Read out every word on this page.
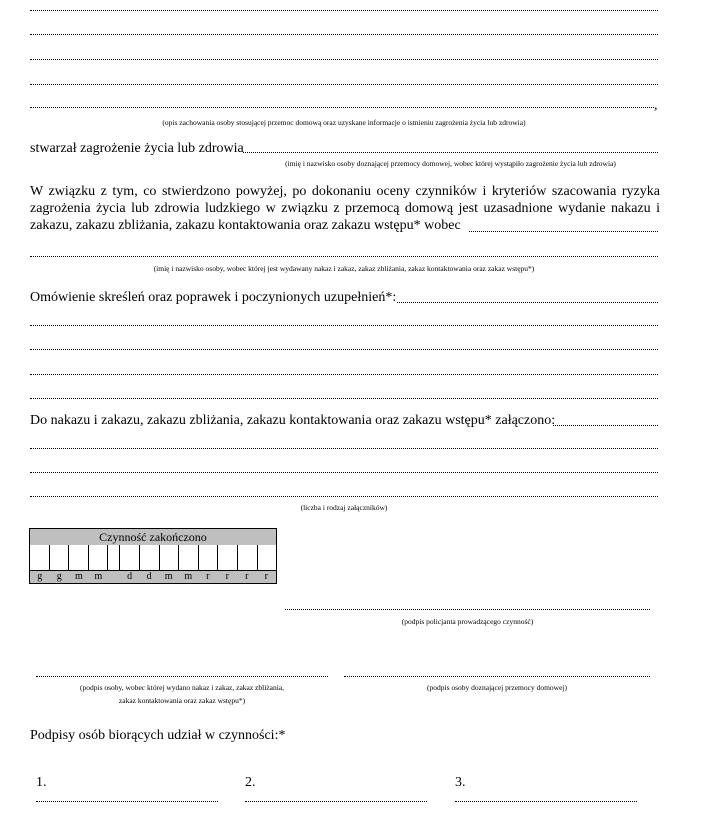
,
(opis zachowania osoby stosującej przemoc domową oraz uzyskane informacje o istnieniu zagrożenia życia lub zdrowia)
stwarzał zagrożenie życia lub zdrowia
(imię i nazwisko osoby doznającej przemocy domowej, wobec której wystąpiło zagrożenie życia lub zdrowia)
W związku z tym, co stwierdzono powyżej, po dokonaniu oceny czynników i kryteriów szacowania ryzyka zagrożenia życia lub zdrowia ludzkiego w związku z przemocą domową jest uzasadnione wydanie nakazu i zakazu, zakazu zbliżania, zakazu kontaktowania oraz zakazu wstępu* wobec
(imię i nazwisko osoby, wobec której jest wydawany nakaz i zakaz, zakaz zbliżania, zakaz kontaktowania oraz zakaz wstępu*)
Omówienie skreśleń oraz poprawek i poczynionych uzupełnień*:
Do nakazu i zakazu, zakazu zbliżania, zakazu kontaktowania oraz zakazu wstępu* załączono:
(liczba i rodzaj załączników)
Czynność zakończono
g	g	m	m	d	d	m	m	r	r	r	r
(podpis policjanta prowadzącego czynność)
(podpis osoby, wobec której wydano nakaz i zakaz, zakaz zbliżania,
zakaz kontaktowania oraz zakaz wstępu*)
(podpis osoby doznającej przemocy domowej)
Podpisy osób biorących udział w czynności:*
1.	2.	3.
